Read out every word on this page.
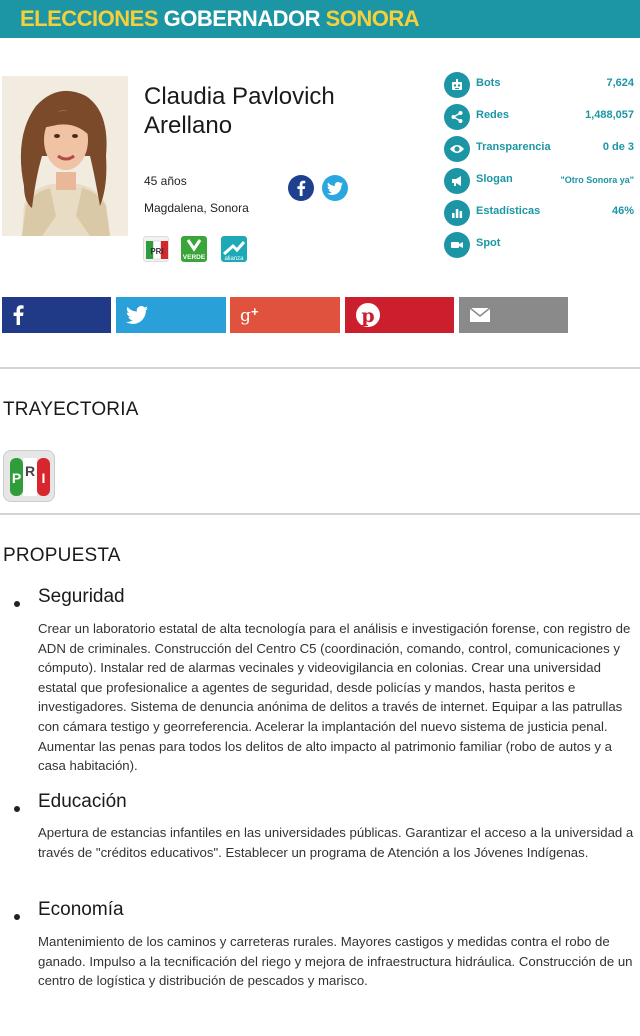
ELECCIONES GOBERNADOR SONORA
Claudia Pavlovich Arellano
45 años
Magdalena, Sonora
PRI
VERDE	alianza
Bots	7,624
Redes	1,488,057
Transparencia	0 de 3
Slogan	"Otro Sonora ya"
Estadísticas	46%
Spot
g +	p
TRAYECTORIA
P R I
PROPUESTA
Seguridad
Crear un laboratorio estatal de alta tecnología para el análisis e investigación forense, con registro de ADN de criminales. Construcción del Centro C5 (coordinación, comando, control, comunicaciones y cómputo). Instalar red de alarmas vecinales y videovigilancia en colonias. Crear una universidad estatal que profesionalice a agentes de seguridad, desde policías y mandos, hasta peritos e investigadores. Sistema de denuncia anónima de delitos a través de internet. Equipar a las patrullas con cámara testigo y georreferencia. Acelerar la implantación del nuevo sistema de justicia penal. Aumentar las penas para todos los delitos de alto impacto al patrimonio familiar (robo de autos y a casa habitación).
Educación
Apertura de estancias infantiles en las universidades públicas. Garantizar el acceso a la universidad a través de "créditos educativos". Establecer un programa de Atención a los Jóvenes Indígenas.
Economía
Mantenimiento de los caminos y carreteras rurales. Mayores castigos y medidas contra el robo de ganado. Impulso a la tecnificación del riego y mejora de infraestructura hidráulica. Construcción de un centro de logística y distribución de pescados y marisco.
